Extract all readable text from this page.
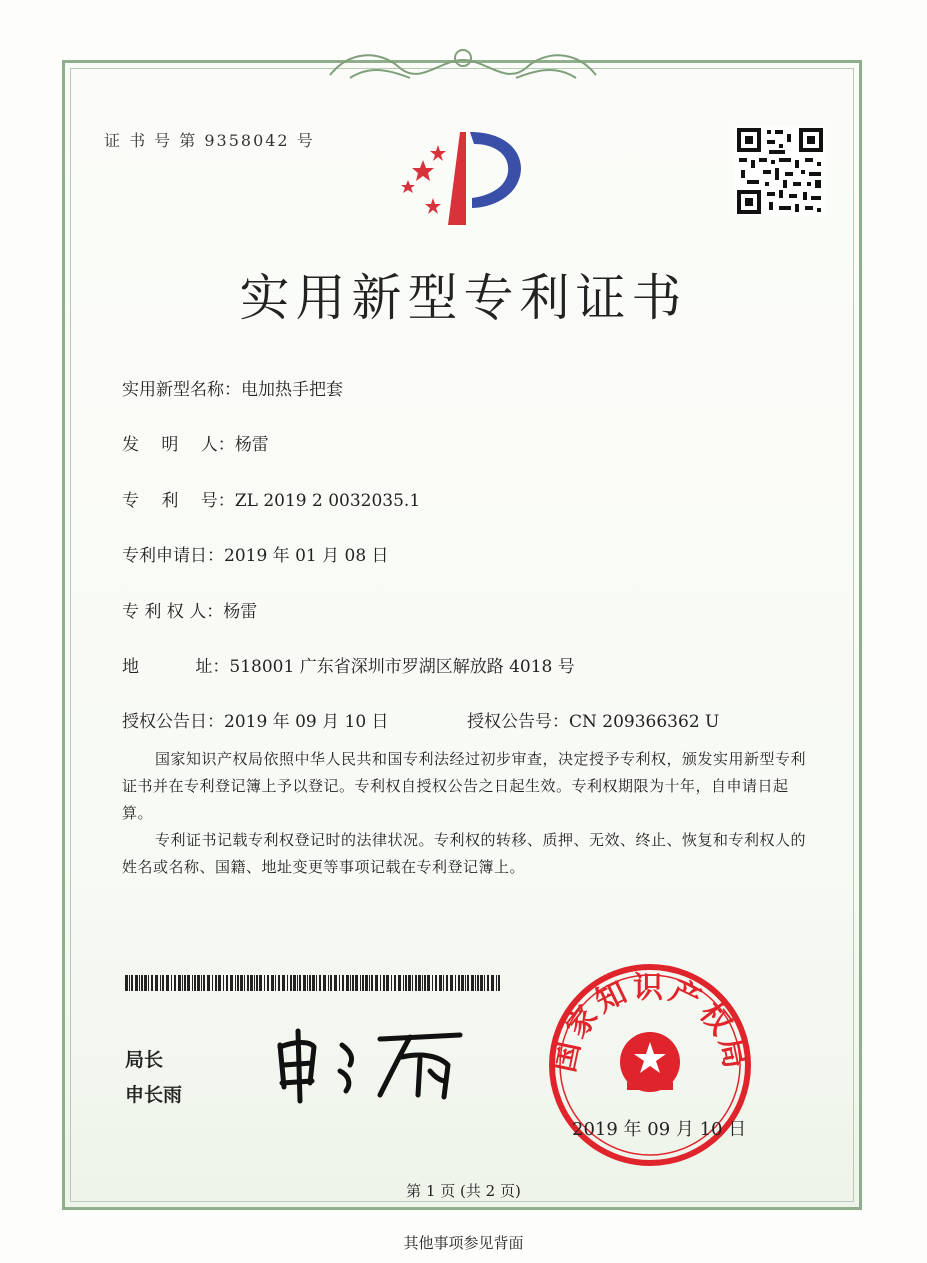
证 书 号 第 9358042 号
实用新型专利证书
实用新型名称：电加热手把套
发　 明　 人：杨雷
专　 利　 号：ZL 2019 2 0032035.1
专利申请日：2019 年 01 月 08 日
专 利 权 人：杨雷
地　　　 址：518001 广东省深圳市罗湖区解放路 4018 号
授权公告日：2019 年 09 月 10 日	授权公告号：CN 209366362 U

国家知识产权局依照中华人民共和国专利法经过初步审查，决定授予专利权，颁发实用新型专利证书并在专利登记簿上予以登记。专利权自授权公告之日起生效。专利权期限为十年，自申请日起算。

专利证书记载专利权登记时的法律状况。专利权的转移、质押、无效、终止、恢复和专利权人的姓名或名称、国籍、地址变更等事项记载在专利登记簿上。

局长
申长雨
国家知识产权局
2019 年 09 月 10 日
第 1 页 (共 2 页)
其他事项参见背面
